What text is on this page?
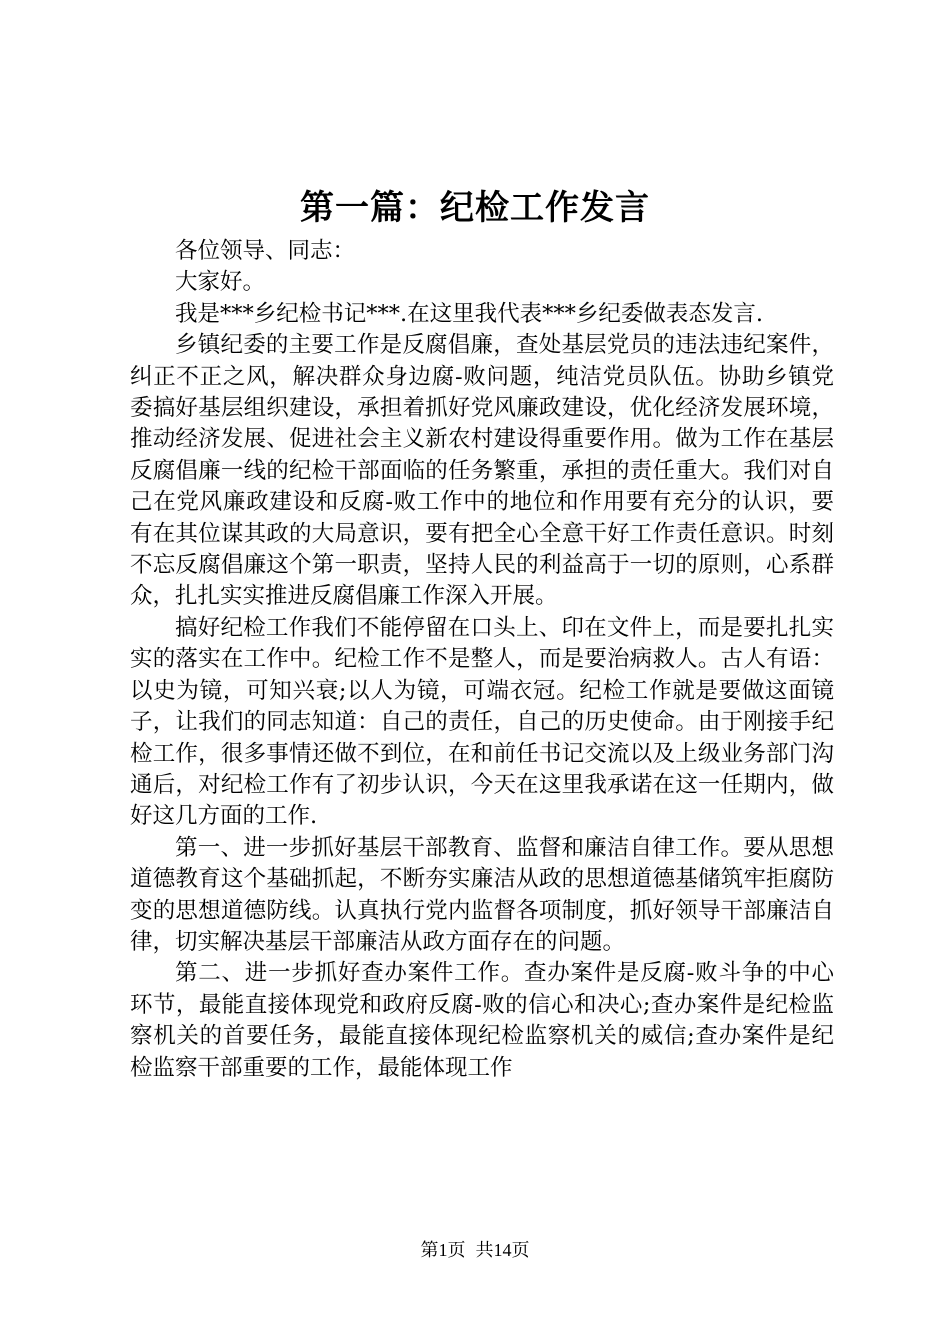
第一篇：纪检工作发言

各位领导、同志：

大家好。

我是***乡纪检书记***.在这里我代表***乡纪委做表态发言.

乡镇纪委的主要工作是反腐倡廉，查处基层党员的违法违纪案件，纠正不正之风，解决群众身边腐-败问题，纯洁党员队伍。协助乡镇党委搞好基层组织建设，承担着抓好党风廉政建设，优化经济发展环境，推动经济发展、促进社会主义新农村建设得重要作用。做为工作在基层反腐倡廉一线的纪检干部面临的任务繁重，承担的责任重大。我们对自己在党风廉政建设和反腐-败工作中的地位和作用要有充分的认识，要有在其位谋其政的大局意识，要有把全心全意干好工作责任意识。时刻不忘反腐倡廉这个第一职责，坚持人民的利益高于一切的原则，心系群众，扎扎实实推进反腐倡廉工作深入开展。

搞好纪检工作我们不能停留在口头上、印在文件上，而是要扎扎实实的落实在工作中。纪检工作不是整人，而是要治病救人。古人有语：以史为镜，可知兴衰;以人为镜，可端衣冠。纪检工作就是要做这面镜子，让我们的同志知道：自己的责任，自己的历史使命。由于刚接手纪检工作，很多事情还做不到位，在和前任书记交流以及上级业务部门沟通后，对纪检工作有了初步认识，今天在这里我承诺在这一任期内，做好这几方面的工作.

第一、进一步抓好基层干部教育、监督和廉洁自律工作。要从思想道德教育这个基础抓起，不断夯实廉洁从政的思想道德基储筑牢拒腐防变的思想道德防线。认真执行党内监督各项制度，抓好领导干部廉洁自律，切实解决基层干部廉洁从政方面存在的问题。

第二、进一步抓好查办案件工作。查办案件是反腐-败斗争的中心环节，最能直接体现党和政府反腐-败的信心和决心;查办案件是纪检监察机关的首要任务，最能直接体现纪检监察机关的威信;查办案件是纪检监察干部重要的工作，最能体现工作

第1页 共14页
